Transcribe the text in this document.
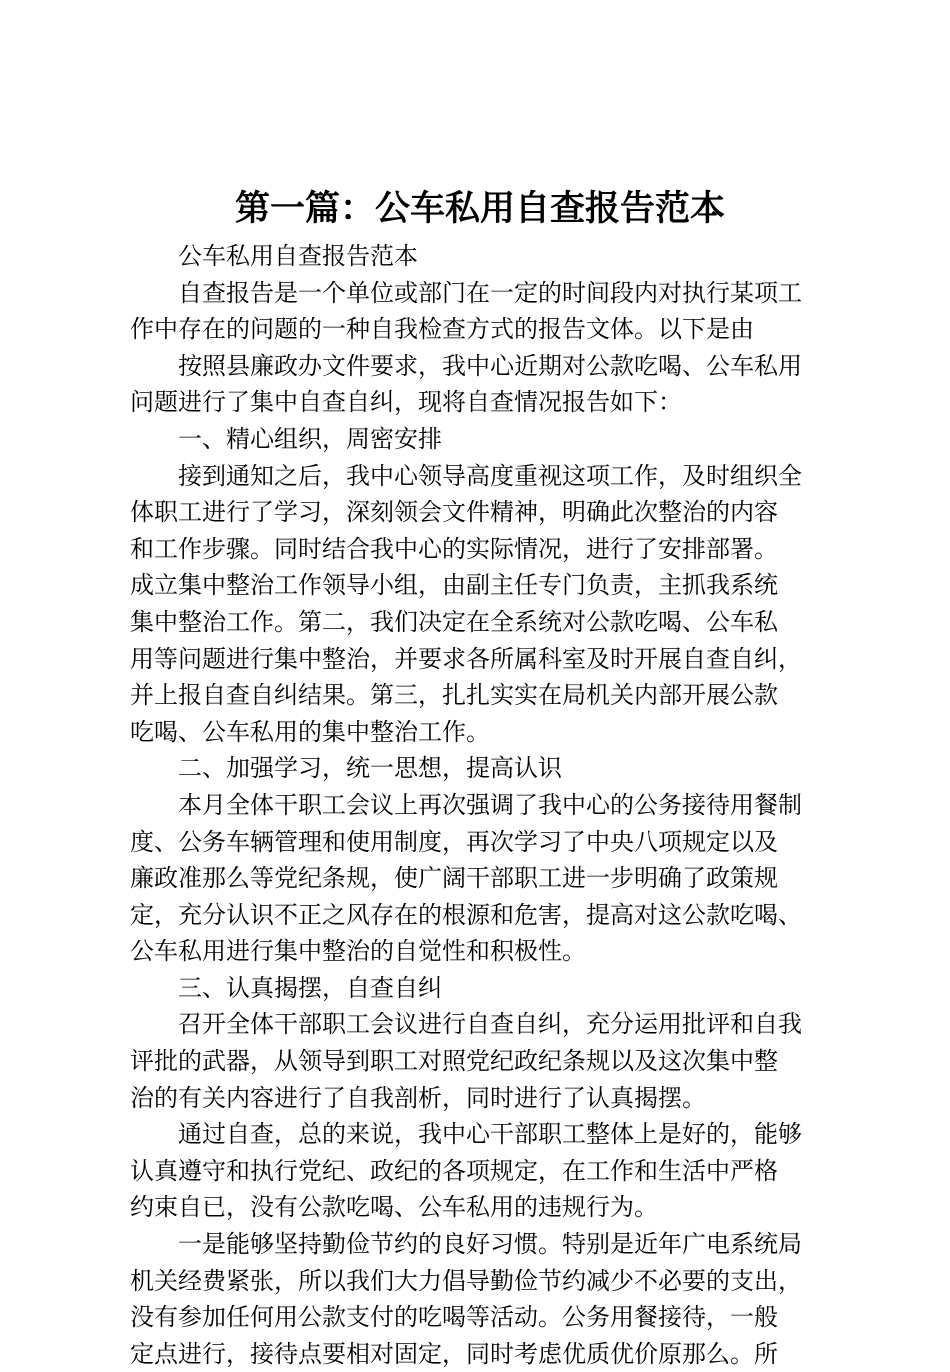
第一篇：公车私用自查报告范本
公车私用自查报告范本
自查报告是一个单位或部门在一定的时间段内对执行某项工
作中存在的问题的一种自我检查方式的报告文体。以下是由
按照县廉政办文件要求，我中心近期对公款吃喝、公车私用
问题进行了集中自查自纠，现将自查情况报告如下：
一、精心组织，周密安排
接到通知之后，我中心领导高度重视这项工作，及时组织全
体职工进行了学习，深刻领会文件精神，明确此次整治的内容
和工作步骤。同时结合我中心的实际情况，进行了安排部署。
成立集中整治工作领导小组，由副主任专门负责，主抓我系统
集中整治工作。第二，我们决定在全系统对公款吃喝、公车私
用等问题进行集中整治，并要求各所属科室及时开展自查自纠，
并上报自查自纠结果。第三，扎扎实实在局机关内部开展公款
吃喝、公车私用的集中整治工作。
二、加强学习，统一思想，提高认识
本月全体干职工会议上再次强调了我中心的公务接待用餐制
度、公务车辆管理和使用制度，再次学习了中央八项规定以及
廉政准那么等党纪条规，使广阔干部职工进一步明确了政策规
定，充分认识不正之风存在的根源和危害，提高对这公款吃喝、
公车私用进行集中整治的自觉性和积极性。
三、认真揭摆，自查自纠
召开全体干部职工会议进行自查自纠，充分运用批评和自我
评批的武器，从领导到职工对照党纪政纪条规以及这次集中整
治的有关内容进行了自我剖析，同时进行了认真揭摆。
通过自查，总的来说，我中心干部职工整体上是好的，能够
认真遵守和执行党纪、政纪的各项规定，在工作和生活中严格
约束自已，没有公款吃喝、公车私用的违规行为。
一是能够坚持勤俭节约的良好习惯。特别是近年广电系统局
机关经费紧张，所以我们大力倡导勤俭节约减少不必要的支出，
没有参加任何用公款支付的吃喝等活动。公务用餐接待，一般
定点进行，接待点要相对固定，同时考虑优质优价原那么。所
